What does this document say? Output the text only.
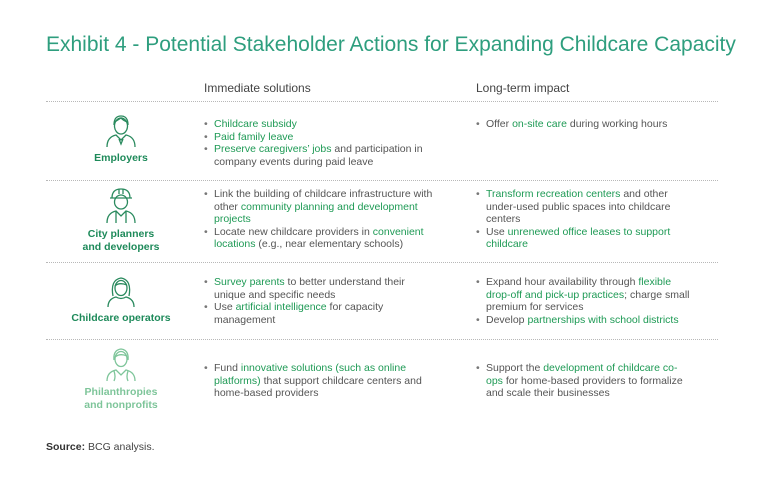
Exhibit 4 - Potential Stakeholder Actions for Expanding Childcare Capacity
Immediate solutions	Long-term impact
Employers
• Childcare subsidy
• Paid family leave
• Preserve caregivers’ jobs and participation in company events during paid leave
• Offer on-site care during working hours
City planners
and developers
• Link the building of childcare infrastructure with other community planning and development projects
• Locate new childcare providers in convenient locations (e.g., near elementary schools)
• Transform recreation centers and other under-used public spaces into childcare centers
• Use unrenewed office leases to support childcare
Childcare operators
• Survey parents to better understand their unique and specific needs
• Use artificial intelligence for capacity management
• Expand hour availability through flexible drop-off and pick-up practices; charge small premium for services
• Develop partnerships with school districts
Philanthropies
and nonprofits
• Fund innovative solutions (such as online platforms) that support childcare centers and home-based providers
• Support the development of childcare co-ops for home-based providers to formalize and scale their businesses
Source: BCG analysis.
